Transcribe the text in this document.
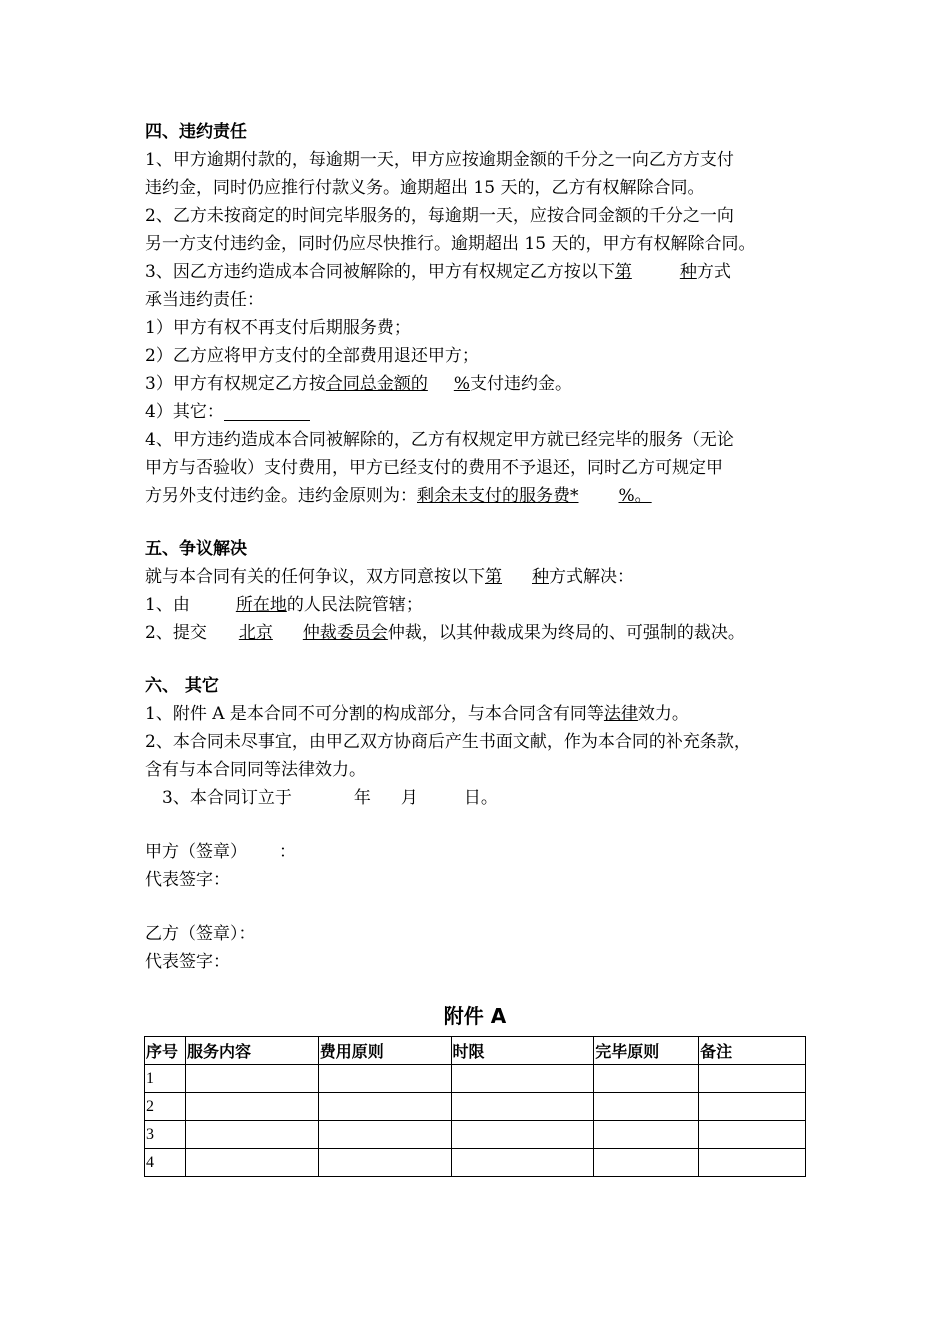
四、违约责任
1、甲方逾期付款的，每逾期一天，甲方应按逾期金额的千分之一向乙方方支付
违约金，同时仍应推行付款义务。逾期超出 15 天的，乙方有权解除合同。
2、乙方未按商定的时间完毕服务的，每逾期一天，应按合同金额的千分之一向
另一方支付违约金，同时仍应尽快推行。逾期超出 15 天的，甲方有权解除合同。
3、因乙方违约造成本合同被解除的，甲方有权规定乙方按以下第	种方式
承当违约责任：
1）甲方有权不再支付后期服务费；
2）乙方应将甲方支付的全部费用退还甲方；
3）甲方有权规定乙方按合同总金额的 %支付违约金。
4）其它：
4、甲方违约造成本合同被解除的，乙方有权规定甲方就已经完毕的服务（无论
甲方与否验收）支付费用，甲方已经支付的费用不予退还，同时乙方可规定甲
方另外支付违约金。违约金原则为：剩余未支付的服务费* %。
五、争议解决
就与本合同有关的任何争议，双方同意按以下第 种方式解决：
1、由	所在地的人民法院管辖；
2、提交 北京 仲裁委员会仲裁，以其仲裁成果为终局的、可强制的裁决。
六、 其它
1、附件 A 是本合同不可分割的构成部分，与本合同含有同等法律效力。
2、本合同未尽事宜，由甲乙双方协商后产生书面文献，作为本合同的补充条款，
含有与本合同同等法律效力。
3、本合同订立于	年 月	日。
甲方（签章） ：
代表签字：
乙方（签章）：
代表签字：
附件 A
序号	服务内容	费用原则	时限	完毕原则	备注
1					
2					
3					
4					
